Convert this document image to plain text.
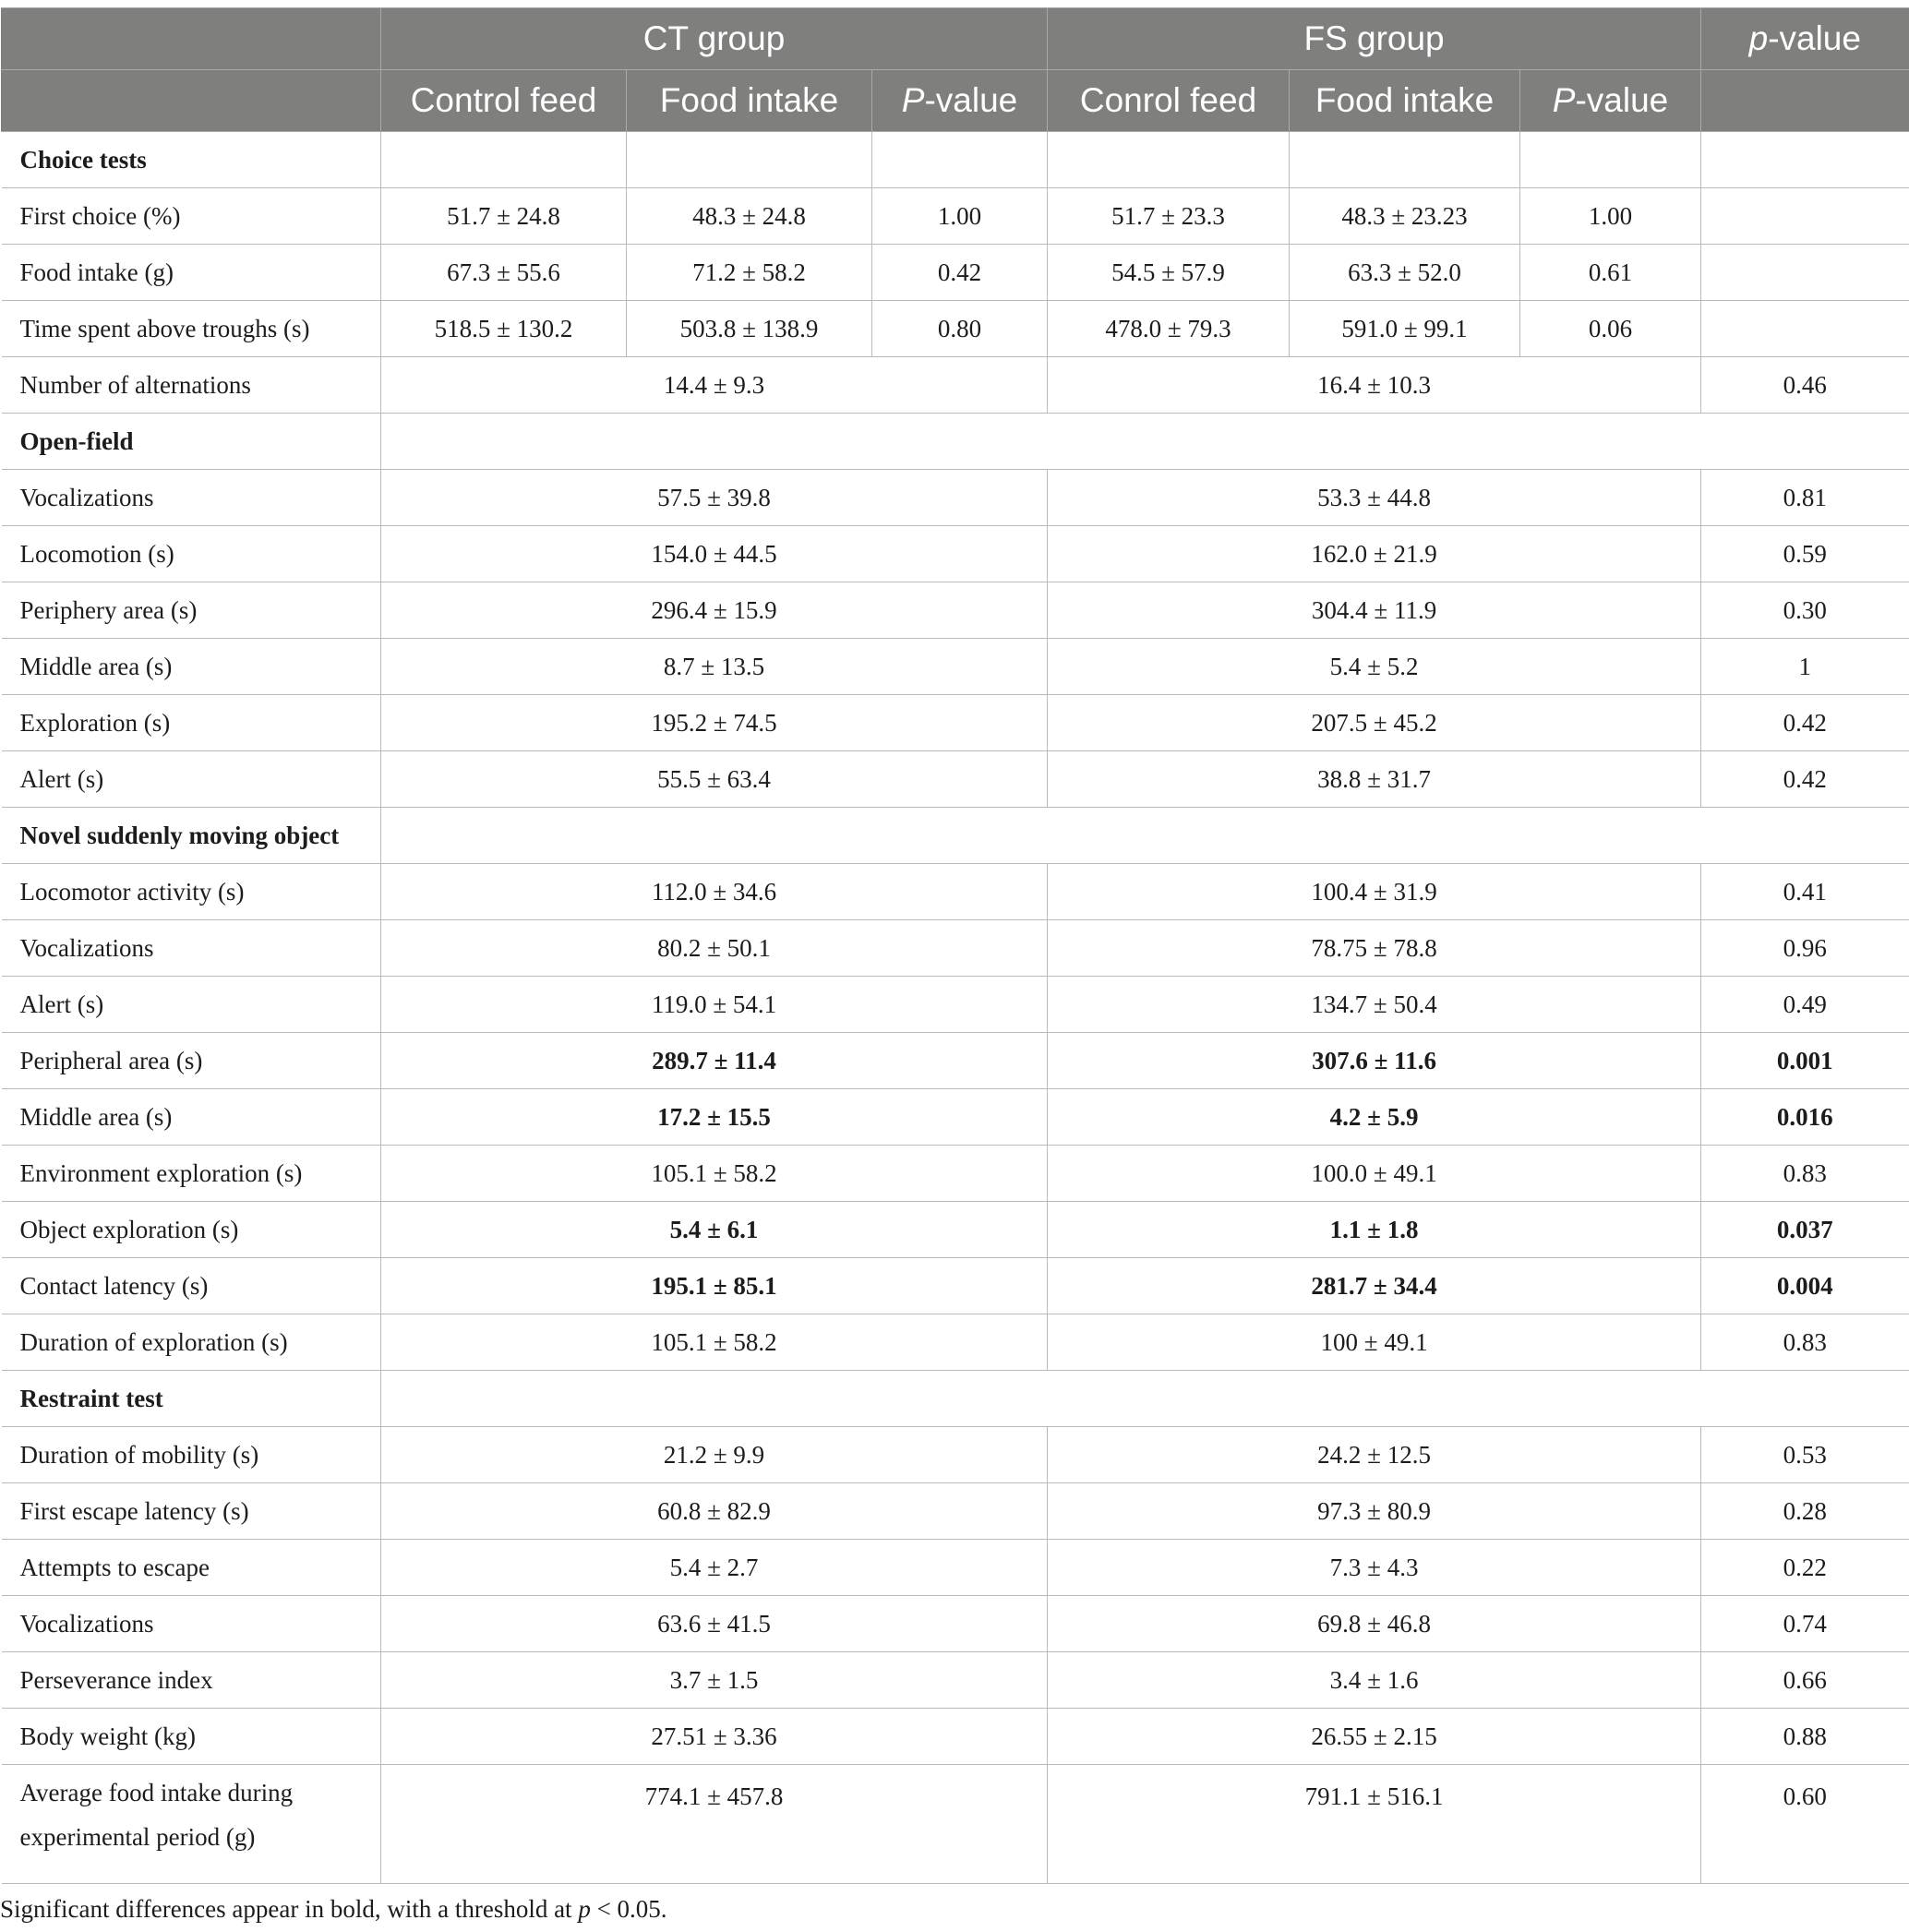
	CT group			FS group			p-value
	Control feed	Food intake	P-value	Conrol feed	Food intake	P-value	
Choice tests							
First choice (%)	51.7 ± 24.8	48.3 ± 24.8	1.00	51.7 ± 23.3	48.3 ± 23.23	1.00	
Food intake (g)	67.3 ± 55.6	71.2 ± 58.2	0.42	54.5 ± 57.9	63.3 ± 52.0	0.61	
Time spent above troughs (s)	518.5 ± 130.2	503.8 ± 138.9	0.80	478.0 ± 79.3	591.0 ± 99.1	0.06	
Number of alternations	14.4 ± 9.3			16.4 ± 10.3			0.46
Open-field							
Vocalizations	57.5 ± 39.8			53.3 ± 44.8			0.81
Locomotion (s)	154.0 ± 44.5			162.0 ± 21.9			0.59
Periphery area (s)	296.4 ± 15.9			304.4 ± 11.9			0.30
Middle area (s)	8.7 ± 13.5			5.4 ± 5.2			1
Exploration (s)	195.2 ± 74.5			207.5 ± 45.2			0.42
Alert (s)	55.5 ± 63.4			38.8 ± 31.7			0.42
Novel suddenly moving object							
Locomotor activity (s)	112.0 ± 34.6			100.4 ± 31.9			0.41
Vocalizations	80.2 ± 50.1			78.75 ± 78.8			0.96
Alert (s)	119.0 ± 54.1			134.7 ± 50.4			0.49
Peripheral area (s)	289.7 ± 11.4			307.6 ± 11.6			0.001
Middle area (s)	17.2 ± 15.5			4.2 ± 5.9			0.016
Environment exploration (s)	105.1 ± 58.2			100.0 ± 49.1			0.83
Object exploration (s)	5.4 ± 6.1			1.1 ± 1.8			0.037
Contact latency (s)	195.1 ± 85.1			281.7 ± 34.4			0.004
Duration of exploration (s)	105.1 ± 58.2			100 ± 49.1			0.83
Restraint test							
Duration of mobility (s)	21.2 ± 9.9			24.2 ± 12.5			0.53
First escape latency (s)	60.8 ± 82.9			97.3 ± 80.9			0.28
Attempts to escape	5.4 ± 2.7			7.3 ± 4.3			0.22
Vocalizations	63.6 ± 41.5			69.8 ± 46.8			0.74
Perseverance index	3.7 ± 1.5			3.4 ± 1.6			0.66
Body weight (kg)	27.51 ± 3.36			26.55 ± 2.15			0.88
Average food intake during
experimental period (g)	774.1 ± 457.8			791.1 ± 516.1			0.60

Significant differences appear in bold, with a threshold at p < 0.05.
